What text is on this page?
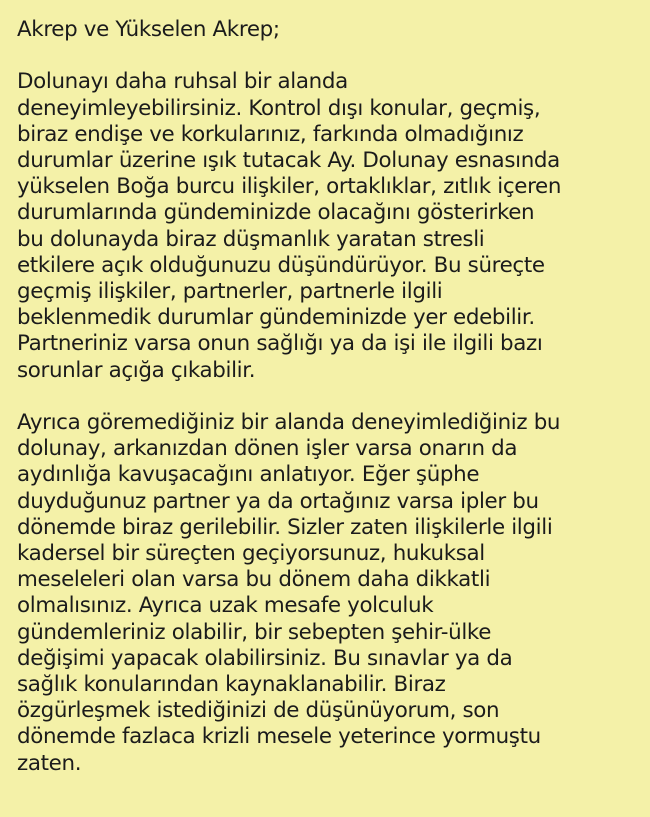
Akrep ve Yükselen Akrep;
Dolunayı daha ruhsal bir alanda
deneyimleyebilirsiniz. Kontrol dışı konular, geçmiş,
biraz endişe ve korkularınız, farkında olmadığınız
durumlar üzerine ışık tutacak Ay. Dolunay esnasında
yükselen Boğa burcu ilişkiler, ortaklıklar, zıtlık içeren
durumlarında gündeminizde olacağını gösterirken
bu dolunayda biraz düşmanlık yaratan stresli
etkilere açık olduğunuzu düşündürüyor. Bu süreçte
geçmiş ilişkiler, partnerler, partnerle ilgili
beklenmedik durumlar gündeminizde yer edebilir.
Partneriniz varsa onun sağlığı ya da işi ile ilgili bazı
sorunlar açığa çıkabilir.
Ayrıca göremediğiniz bir alanda deneyimlediğiniz bu
dolunay, arkanızdan dönen işler varsa onarın da
aydınlığa kavuşacağını anlatıyor. Eğer şüphe
duyduğunuz partner ya da ortağınız varsa ipler bu
dönemde biraz gerilebilir. Sizler zaten ilişkilerle ilgili
kadersel bir süreçten geçiyorsunuz, hukuksal
meseleleri olan varsa bu dönem daha dikkatli
olmalısınız. Ayrıca uzak mesafe yolculuk
gündemleriniz olabilir, bir sebepten şehir-ülke
değişimi yapacak olabilirsiniz. Bu sınavlar ya da
sağlık konularından kaynaklanabilir. Biraz
özgürleşmek istediğinizi de düşünüyorum, son
dönemde fazlaca krizli mesele yeterince yormuştu
zaten.
